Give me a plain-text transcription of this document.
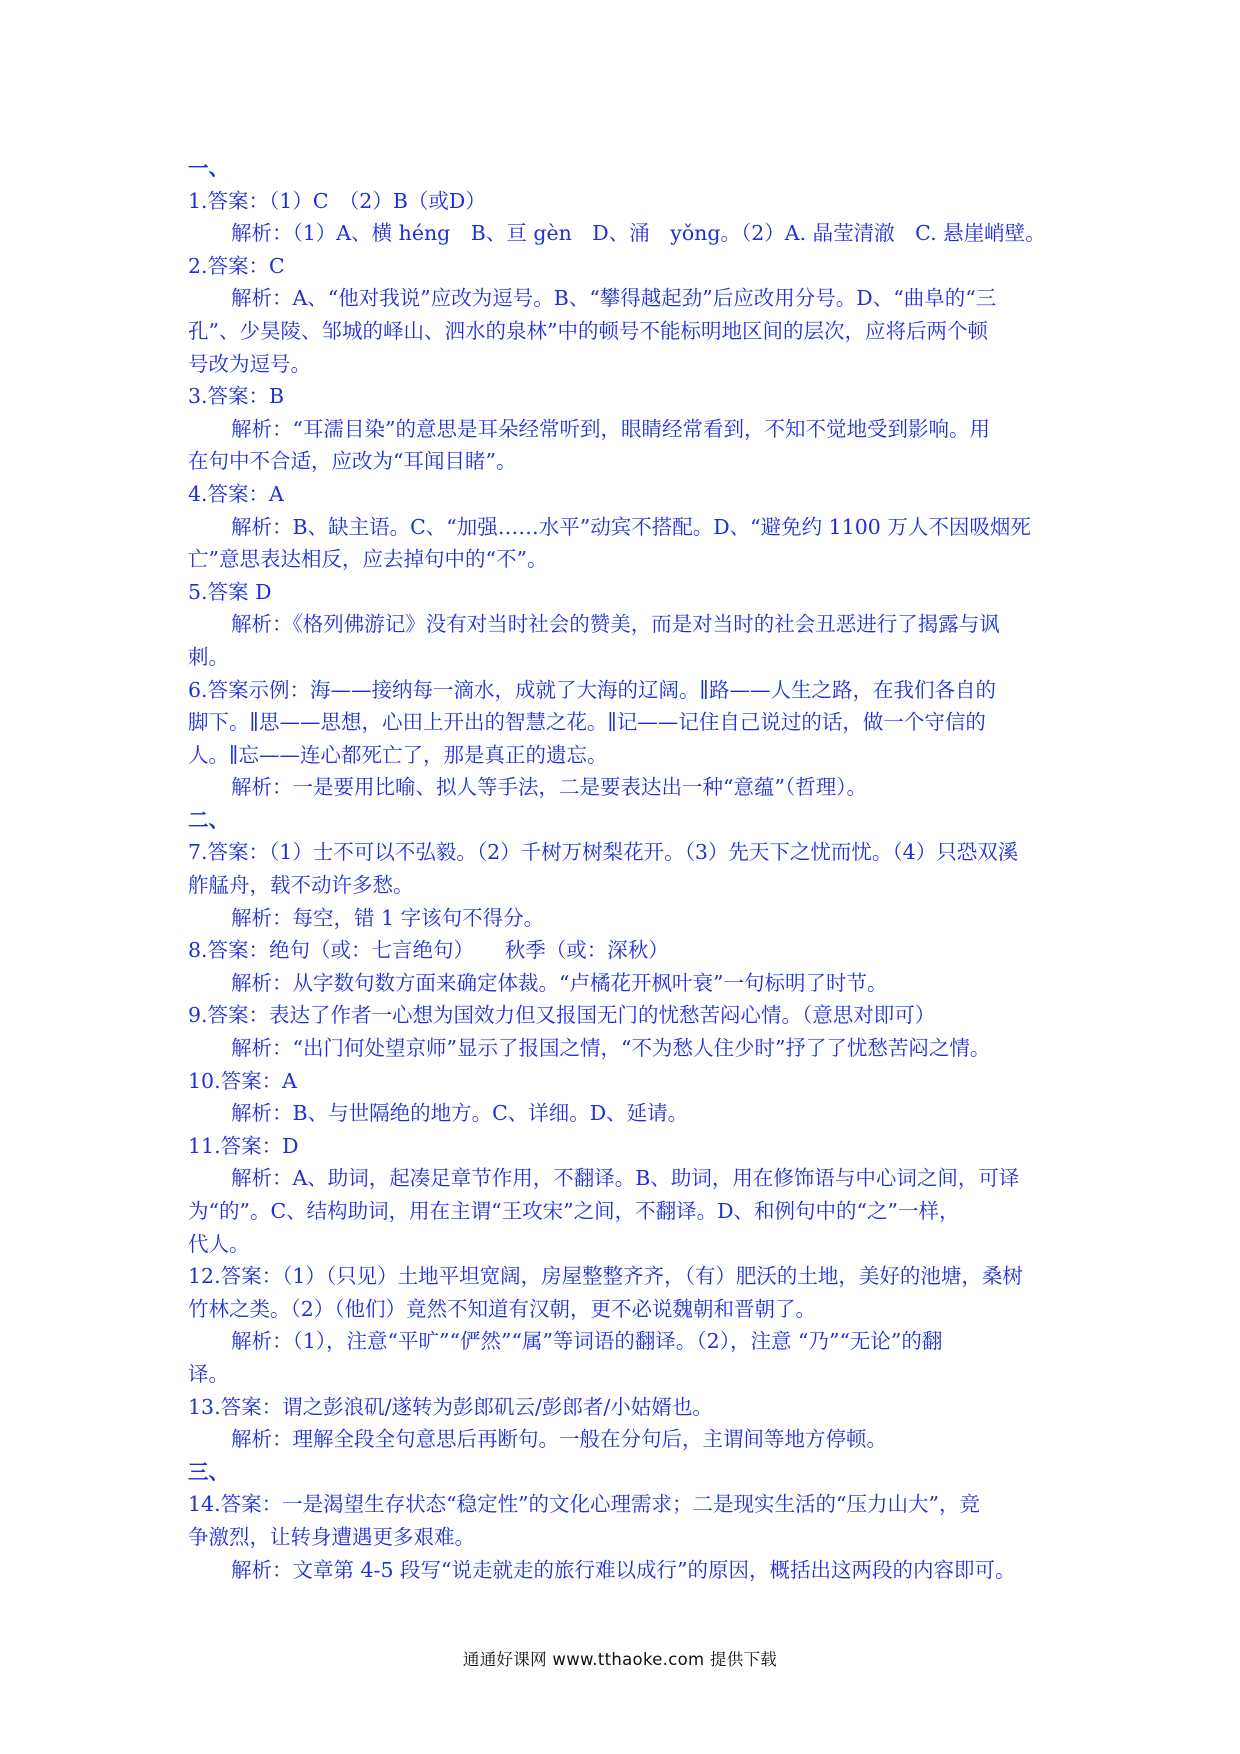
一、
1.答案：（1）C　（2）B（或D）
解析：（1）A、横 héng　B、亘 gèn　D、涌　yǒng。（2）A. 晶莹清澈　C. 悬崖峭壁。
2.答案：C
解析：A、“他对我说”应改为逗号。B、“攀得越起劲”后应改用分号。D、“曲阜的“三
孔”、少昊陵、邹城的峄山、泗水的泉林”中的顿号不能标明地区间的层次，应将后两个顿
号改为逗号。
3.答案：B
解析：“耳濡目染”的意思是耳朵经常听到，眼睛经常看到，不知不觉地受到影响。用
在句中不合适，应改为“耳闻目睹”。
4.答案：A
解析：B、缺主语。C、“加强……水平”动宾不搭配。D、“避免约 1100 万人不因吸烟死
亡”意思表达相反，应去掉句中的“不”。
5.答案 D
解析：《格列佛游记》没有对当时社会的赞美，而是对当时的社会丑恶进行了揭露与讽
刺。
6.答案示例：海——接纳每一滴水，成就了大海的辽阔。∥路——人生之路，在我们各自的
脚下。∥思——思想，心田上开出的智慧之花。∥记——记住自己说过的话，做一个守信的
人。∥忘——连心都死亡了，那是真正的遗忘。
解析：一是要用比喻、拟人等手法，二是要表达出一种“意蕴”（哲理）。
二、
7.答案：（1）士不可以不弘毅。（2）千树万树梨花开。（3）先天下之忧而忧。（4）只恐双溪
舴艋舟，载不动许多愁。
解析：每空，错 1 字该句不得分。
8.答案：绝句（或：七言绝句）　　秋季（或：深秋）
解析：从字数句数方面来确定体裁。“卢橘花开枫叶衰”一句标明了时节。
9.答案：表达了作者一心想为国效力但又报国无门的忧愁苦闷心情。（意思对即可）
解析：“出门何处望京师”显示了报国之情，“不为愁人住少时”抒了了忧愁苦闷之情。
10.答案：A
解析：B、与世隔绝的地方。C、详细。D、延请。
11.答案：D
解析：A、助词，起凑足章节作用，不翻译。B、助词，用在修饰语与中心词之间，可译
为“的”。C、结构助词，用在主谓“王攻宋”之间，不翻译。D、和例句中的“之”一样，
代人。
12.答案：（1）（只见）土地平坦宽阔，房屋整整齐齐，（有）肥沃的土地，美好的池塘，桑树
竹林之类。（2）（他们）竟然不知道有汉朝，更不必说魏朝和晋朝了。
解析：（1），注意“平旷”“俨然”“属”等词语的翻译。（2），注意 “乃”“无论”的翻
译。
13.答案：谓之彭浪矶/遂转为彭郎矶云/彭郎者/小姑婿也。
解析：理解全段全句意思后再断句。一般在分句后，主谓间等地方停顿。
三、
14.答案：一是渴望生存状态“稳定性”的文化心理需求；二是现实生活的“压力山大”，竞
争激烈，让转身遭遇更多艰难。
解析：文章第 4-5 段写“说走就走的旅行难以成行”的原因，概括出这两段的内容即可。
通通好课网 www.tthaoke.com 提供下载
